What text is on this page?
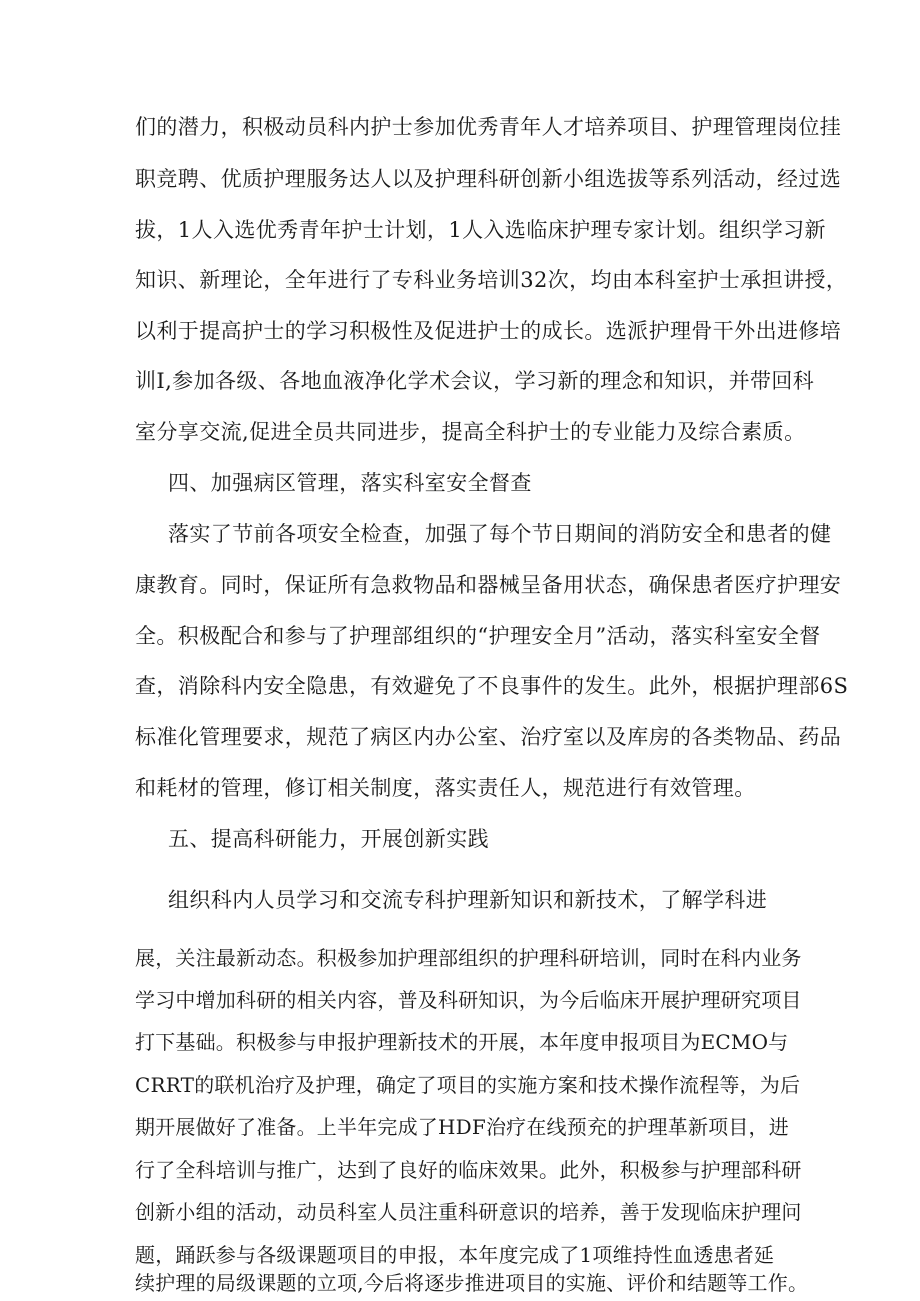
们的潜力，积极动员科内护士参加优秀青年人才培养项目、护理管理岗位挂
职竞聘、优质护理服务达人以及护理科研创新小组选拔等系列活动，经过选
拔，1人入选优秀青年护士计划，1人入选临床护理专家计划。组织学习新
知识、新理论，全年进行了专科业务培训32次，均由本科室护士承担讲授，
以利于提高护士的学习积极性及促进护士的成长。选派护理骨干外出进修培
训I,参加各级、各地血液净化学术会议，学习新的理念和知识，并带回科
室分享交流,促进全员共同进步，提高全科护士的专业能力及综合素质。
四、加强病区管理，落实科室安全督查
落实了节前各项安全检查，加强了每个节日期间的消防安全和患者的健
康教育。同时，保证所有急救物品和器械呈备用状态，确保患者医疗护理安
全。积极配合和参与了护理部组织的“护理安全月”活动，落实科室安全督
查，消除科内安全隐患，有效避免了不良事件的发生。此外，根据护理部6S
标准化管理要求，规范了病区内办公室、治疗室以及库房的各类物品、药品
和耗材的管理，修订相关制度，落实责任人，规范进行有效管理。
五、提高科研能力，开展创新实践
组织科内人员学习和交流专科护理新知识和新技术，了解学科进
展，关注最新动态。积极参加护理部组织的护理科研培训，同时在科内业务
学习中增加科研的相关内容，普及科研知识，为今后临床开展护理研究项目
打下基础。积极参与申报护理新技术的开展，本年度申报项目为ECMO与
CRRT的联机治疗及护理，确定了项目的实施方案和技术操作流程等，为后
期开展做好了准备。上半年完成了HDF治疗在线预充的护理革新项目，进
行了全科培训与推广，达到了良好的临床效果。此外，积极参与护理部科研
创新小组的活动，动员科室人员注重科研意识的培养，善于发现临床护理问
题，踊跃参与各级课题项目的申报，本年度完成了1项维持性血透患者延
续护理的局级课题的立项,今后将逐步推进项目的实施、评价和结题等工作。
